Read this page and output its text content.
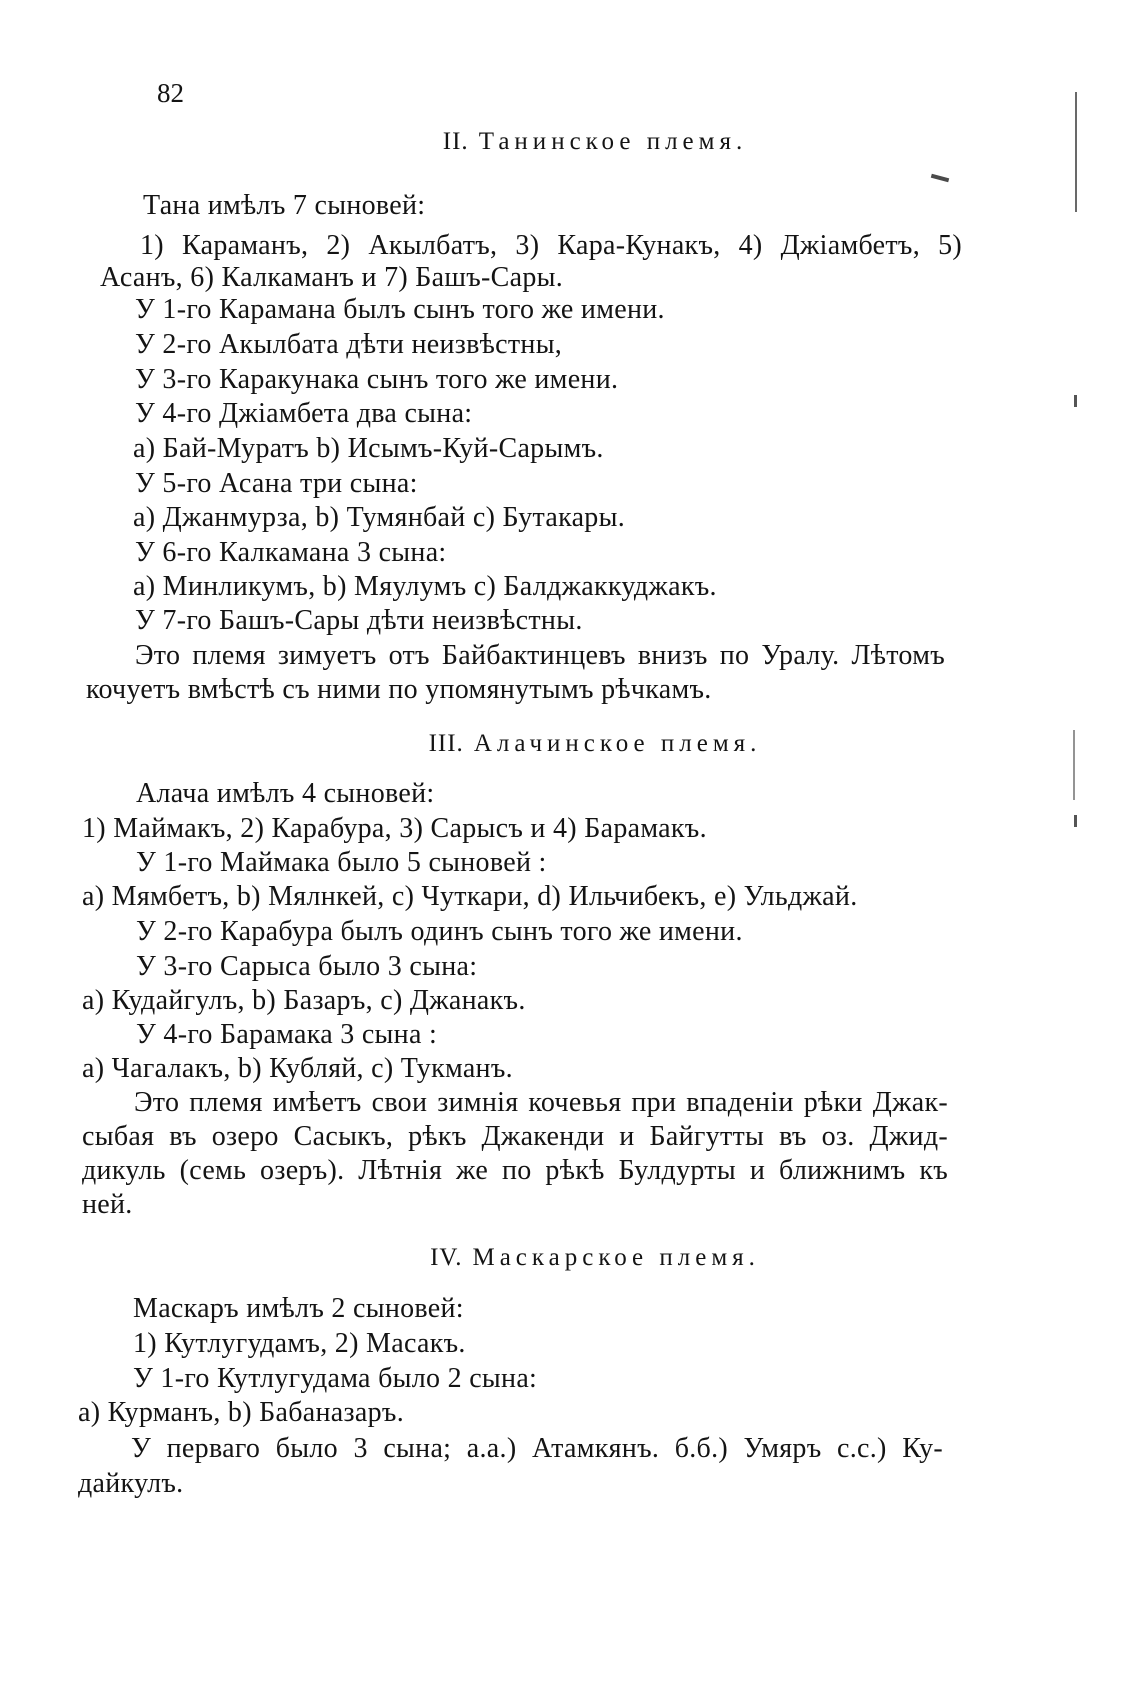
82
II. Танинское племя.
Тана имѣлъ 7 сыновей:
1) Караманъ, 2) Акылбатъ, 3) Кара-Кунакъ, 4) Джіамбетъ, 5)
Асанъ, 6) Калкаманъ и 7) Башъ-Сары.
У 1-го Карамана былъ сынъ того же имени.
У 2-го Акылбата дѣти неизвѣстны,
У 3-го Каракунака сынъ того же имени.
У 4-го Джіамбета два сына:
a) Бай-Муратъ b) Исымъ-Куй-Сарымъ.
У 5-го Асана три сына:
a) Джанмурза, b) Тумянбай c) Бутакары.
У 6-го Калкамана 3 сына:
a) Минликумъ, b) Мяулумъ c) Балджаккуджакъ.
У 7-го Башъ-Сары дѣти неизвѣстны.
Это племя зимуетъ отъ Байбактинцевъ внизъ по Уралу. Лѣтомъ
кочуетъ вмѣстѣ съ ними по упомянутымъ рѣчкамъ.
III. Алачинское племя.
Алача имѣлъ 4 сыновей:
1) Маймакъ, 2) Карабура, 3) Сарысъ и 4) Барамакъ.
У 1-го Маймака было 5 сыновей :
a) Мямбетъ, b) Мялнкей, c) Чуткари, d) Ильчибекъ, e) Ульджай.
У 2-го Карабура былъ одинъ сынъ того же имени.
У 3-го Сарыса было 3 сына:
a) Кудайгулъ, b) Базаръ, c) Джанакъ.
У 4-го Барамака 3 сына :
a) Чагалакъ, b) Кубляй, c) Тукманъ.
Это племя имѣетъ свои зимнія кочевья при впаденіи рѣки Джак-
сыбая въ озеро Сасыкъ, рѣкъ Джакенди и Байгутты въ оз. Джид-
дикуль (семь озеръ). Лѣтнія же по рѣкѣ Булдурты и ближнимъ къ
ней.
IV. Маскарское племя.
Маскаръ имѣлъ 2 сыновей:
1) Кутлугудамъ, 2) Масакъ.
У 1-го Кутлугудама было 2 сына:
a) Курманъ, b) Бабаназаръ.
У перваго было 3 сына; а.а.) Атамкянъ. б.б.) Умяръ с.с.) Ку-
дайкулъ.
